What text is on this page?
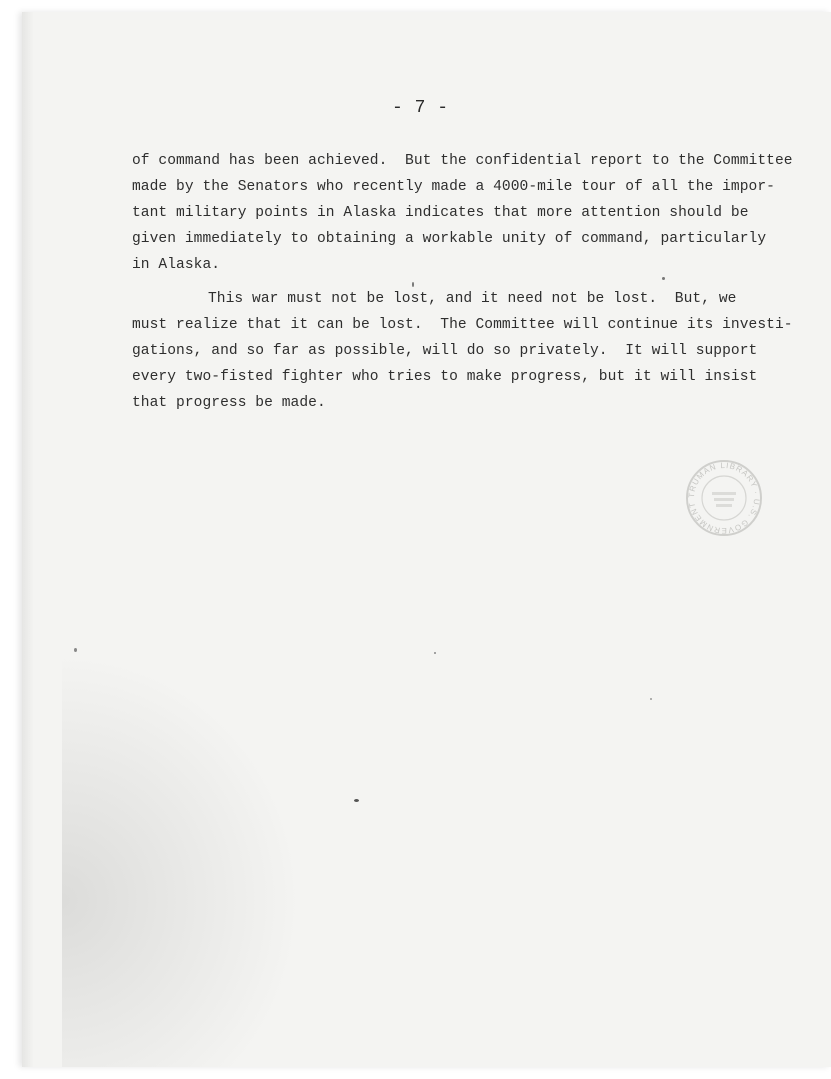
- 7 -

of command has been achieved.  But the confidential report to the Committee
made by the Senators who recently made a 4000-mile tour of all the impor-
tant military points in Alaska indicates that more attention should be
given immediately to obtaining a workable unity of command, particularly
in Alaska.

This war must not be lost, and it need not be lost.  But, we
must realize that it can be lost.  The Committee will continue its investi-
gations, and so far as possible, will do so privately.  It will support
every two-fisted fighter who tries to make progress, but it will insist
that progress be made.

TRUMAN LIBRARY · U.S. GOVERNMENT
